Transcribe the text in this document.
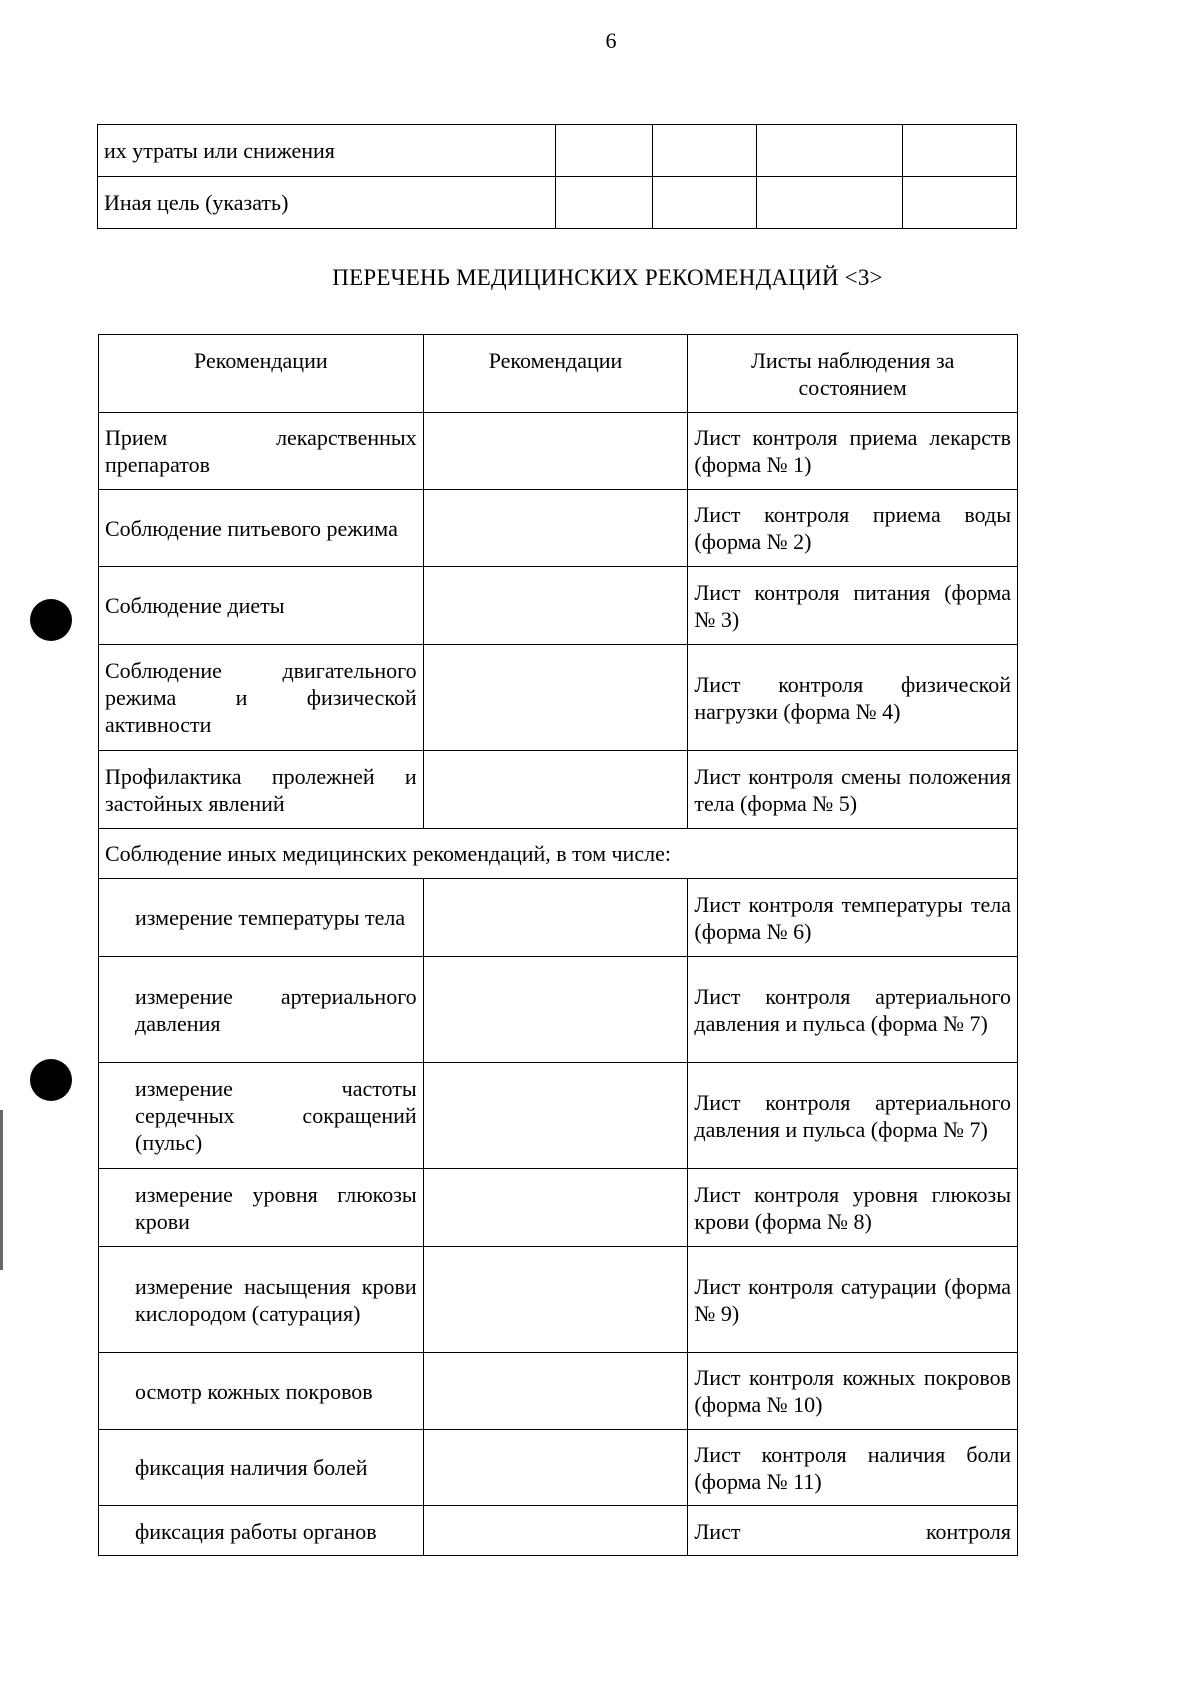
6
их утраты или снижения				
Иная цель (указать)				
ПЕРЕЧЕНЬ МЕДИЦИНСКИХ РЕКОМЕНДАЦИЙ <3>
Рекомендации	Рекомендации	Листы наблюдения за состоянием
Прием лекарственных препаратов		Лист контроля приема лекарств (форма № 1)
Соблюдение питьевого режима		Лист контроля приема воды (форма № 2)
Соблюдение диеты		Лист контроля питания (форма № 3)
Соблюдение двигательного режима и физической активности		Лист контроля физической нагрузки (форма № 4)
Профилактика пролежней и застойных явлений		Лист контроля смены положения тела (форма № 5)
Соблюдение иных медицинских рекомендаций, в том числе:		
измерение температуры тела		Лист контроля температуры тела (форма № 6)
измерение артериального давления		Лист контроля артериального давления и пульса (форма № 7)
измерение частоты сердечных сокращений (пульс)		Лист контроля артериального давления и пульса (форма № 7)
измерение уровня глюкозы крови		Лист контроля уровня глюкозы крови (форма № 8)
измерение насыщения крови кислородом (сатурация)		Лист контроля сатурации (форма № 9)
осмотр кожных покровов		Лист контроля кожных покровов (форма № 10)
фиксация наличия болей		Лист контроля наличия боли (форма № 11)
фиксация работы органов		Лист контроля
